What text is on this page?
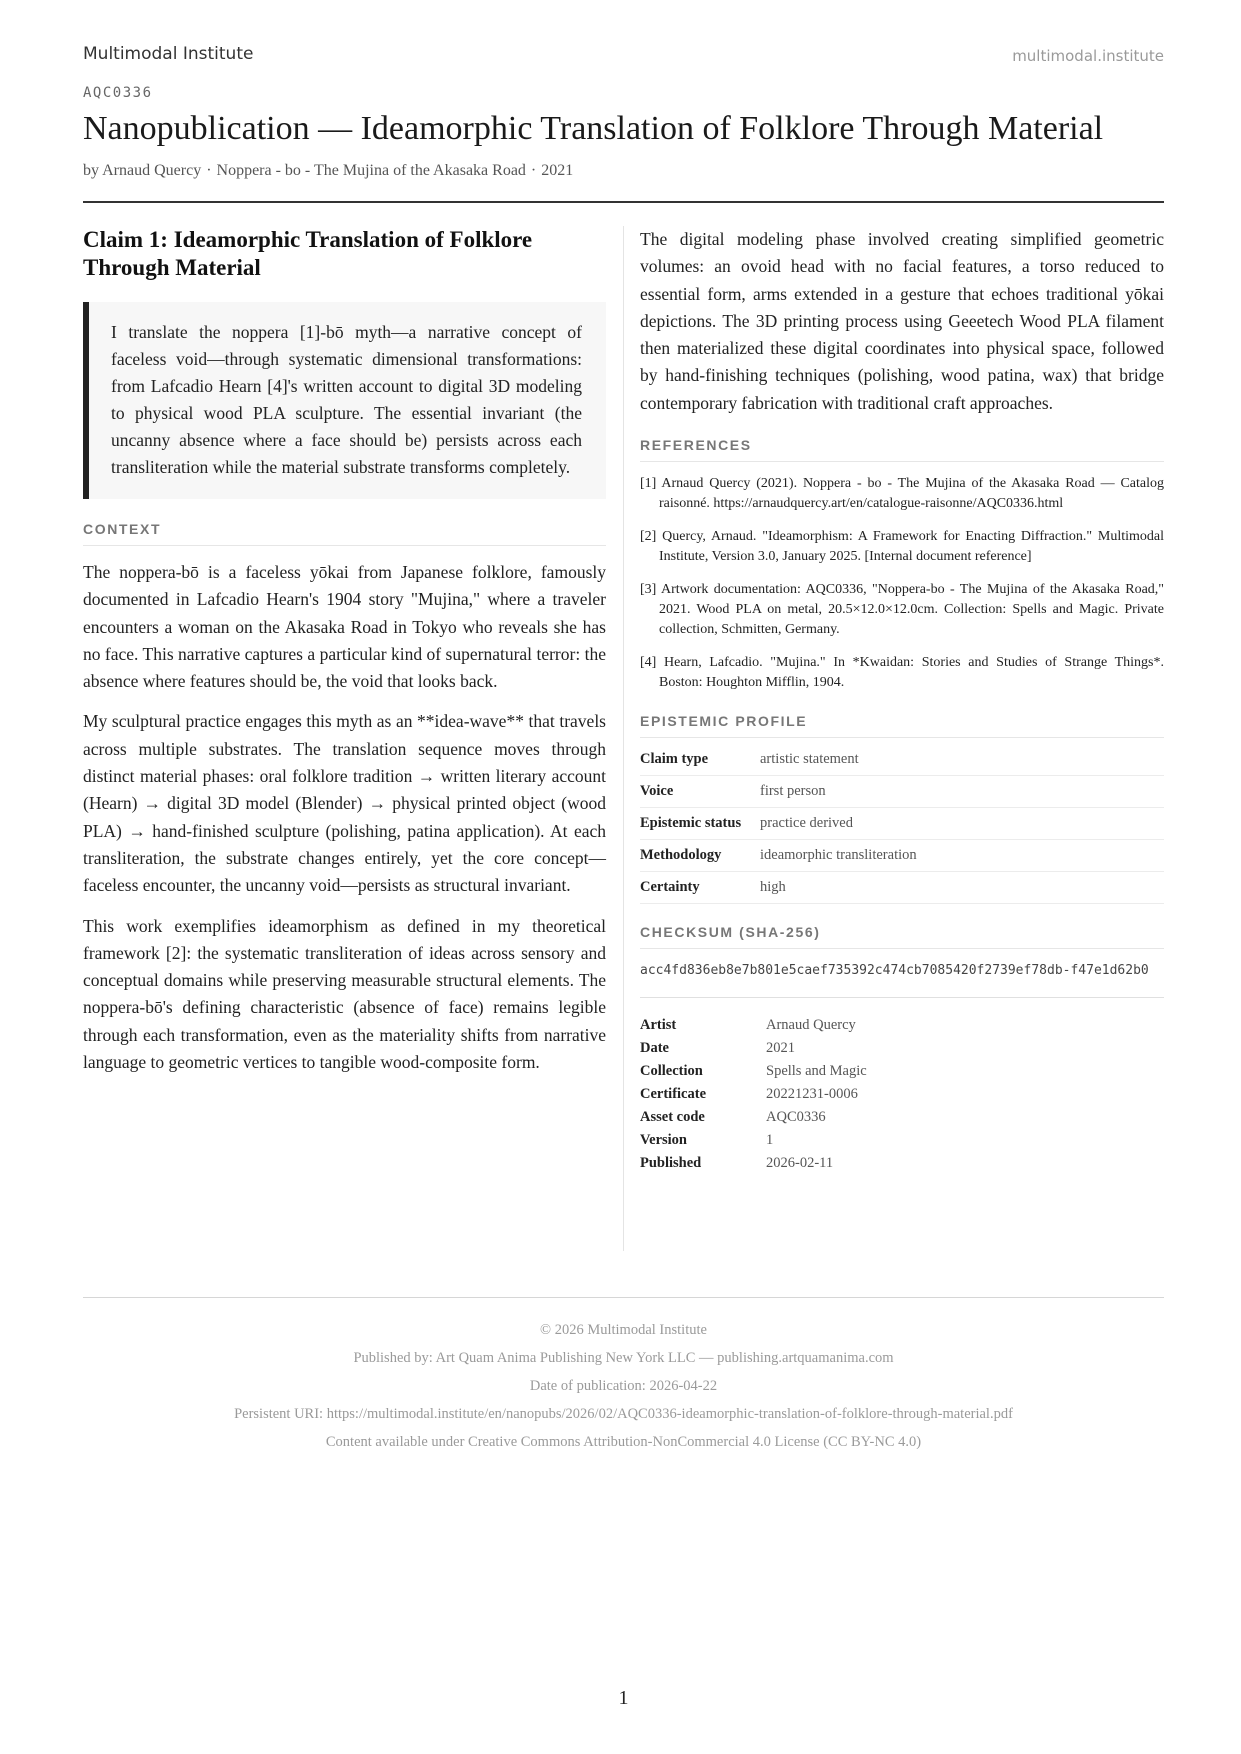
Multimodal Institute	multimodal.institute
AQC0336
Nanopublication — Ideamorphic Translation of Folklore Through Material
by Arnaud Quercy · Noppera - bo - The Mujina of the Akasaka Road · 2021
Claim 1: Ideamorphic Translation of Folklore Through Material
I translate the noppera [1]-bō myth—a narrative concept of faceless void—through systematic dimensional transformations: from Lafcadio Hearn [4]'s written account to digital 3D modeling to physical wood PLA sculpture. The essential invariant (the uncanny absence where a face should be) persists across each transliteration while the material substrate transforms completely.
CONTEXT

The noppera-bō is a faceless yōkai from Japanese folklore, famously documented in Lafcadio Hearn's 1904 story "Mujina," where a traveler encounters a woman on the Akasaka Road in Tokyo who reveals she has no face. This narrative captures a particular kind of supernatural terror: the absence where features should be, the void that looks back.

My sculptural practice engages this myth as an **idea-wave** that travels across multiple substrates. The translation sequence moves through distinct material phases: oral folklore tradition → written literary account (Hearn) → digital 3D model (Blender) → physical printed object (wood PLA) → hand-finished sculpture (polishing, patina application). At each transliteration, the substrate changes entirely, yet the core concept—faceless encounter, the uncanny void—persists as structural invariant.

This work exemplifies ideamorphism as defined in my theoretical framework [2]: the systematic transliteration of ideas across sensory and conceptual domains while preserving measurable structural elements. The noppera-bō's defining characteristic (absence of face) remains legible through each transformation, even as the materiality shifts from narrative language to geometric vertices to tangible wood-composite form.

The digital modeling phase involved creating simplified geometric volumes: an ovoid head with no facial features, a torso reduced to essential form, arms extended in a gesture that echoes traditional yōkai depictions. The 3D printing process using Geeetech Wood PLA filament then materialized these digital coordinates into physical space, followed by hand-finishing techniques (polishing, wood patina, wax) that bridge contemporary fabrication with traditional craft approaches.

REFERENCES
[1] Arnaud Quercy (2021). Noppera - bo - The Mujina of the Akasaka Road — Catalog raisonné. https://arnaudquercy.art/en/catalogue-raisonne/AQC0336.html
[2] Quercy, Arnaud. "Ideamorphism: A Framework for Enacting Diffraction." Multimodal Institute, Version 3.0, January 2025. [Internal document reference]
[3] Artwork documentation: AQC0336, "Noppera-bo - The Mujina of the Akasaka Road," 2021. Wood PLA on metal, 20.5×12.0×12.0cm. Collection: Spells and Magic. Private collection, Schmitten, Germany.
[4] Hearn, Lafcadio. "Mujina." In *Kwaidan: Stories and Studies of Strange Things*. Boston: Houghton Mifflin, 1904.
EPISTEMIC PROFILE
Claim type	artistic statement
Voice	first person
Epistemic status	practice derived
Methodology	ideamorphic transliteration
Certainty	high
CHECKSUM (SHA-256)
acc4fd836eb8e7b801e5caef735392c474cb7085420f2739ef78db-f47e1d62b0
Artist	Arnaud Quercy
Date	2021
Collection	Spells and Magic
Certificate	20221231-0006
Asset code	AQC0336
Version	1
Published	2026-02-11
© 2026 Multimodal Institute
Published by: Art Quam Anima Publishing New York LLC — publishing.artquamanima.com
Date of publication: 2026-04-22
Persistent URI: https://multimodal.institute/en/nanopubs/2026/02/AQC0336-ideamorphic-translation-of-folklore-through-material.pdf
Content available under Creative Commons Attribution-NonCommercial 4.0 License (CC BY-NC 4.0)
1
